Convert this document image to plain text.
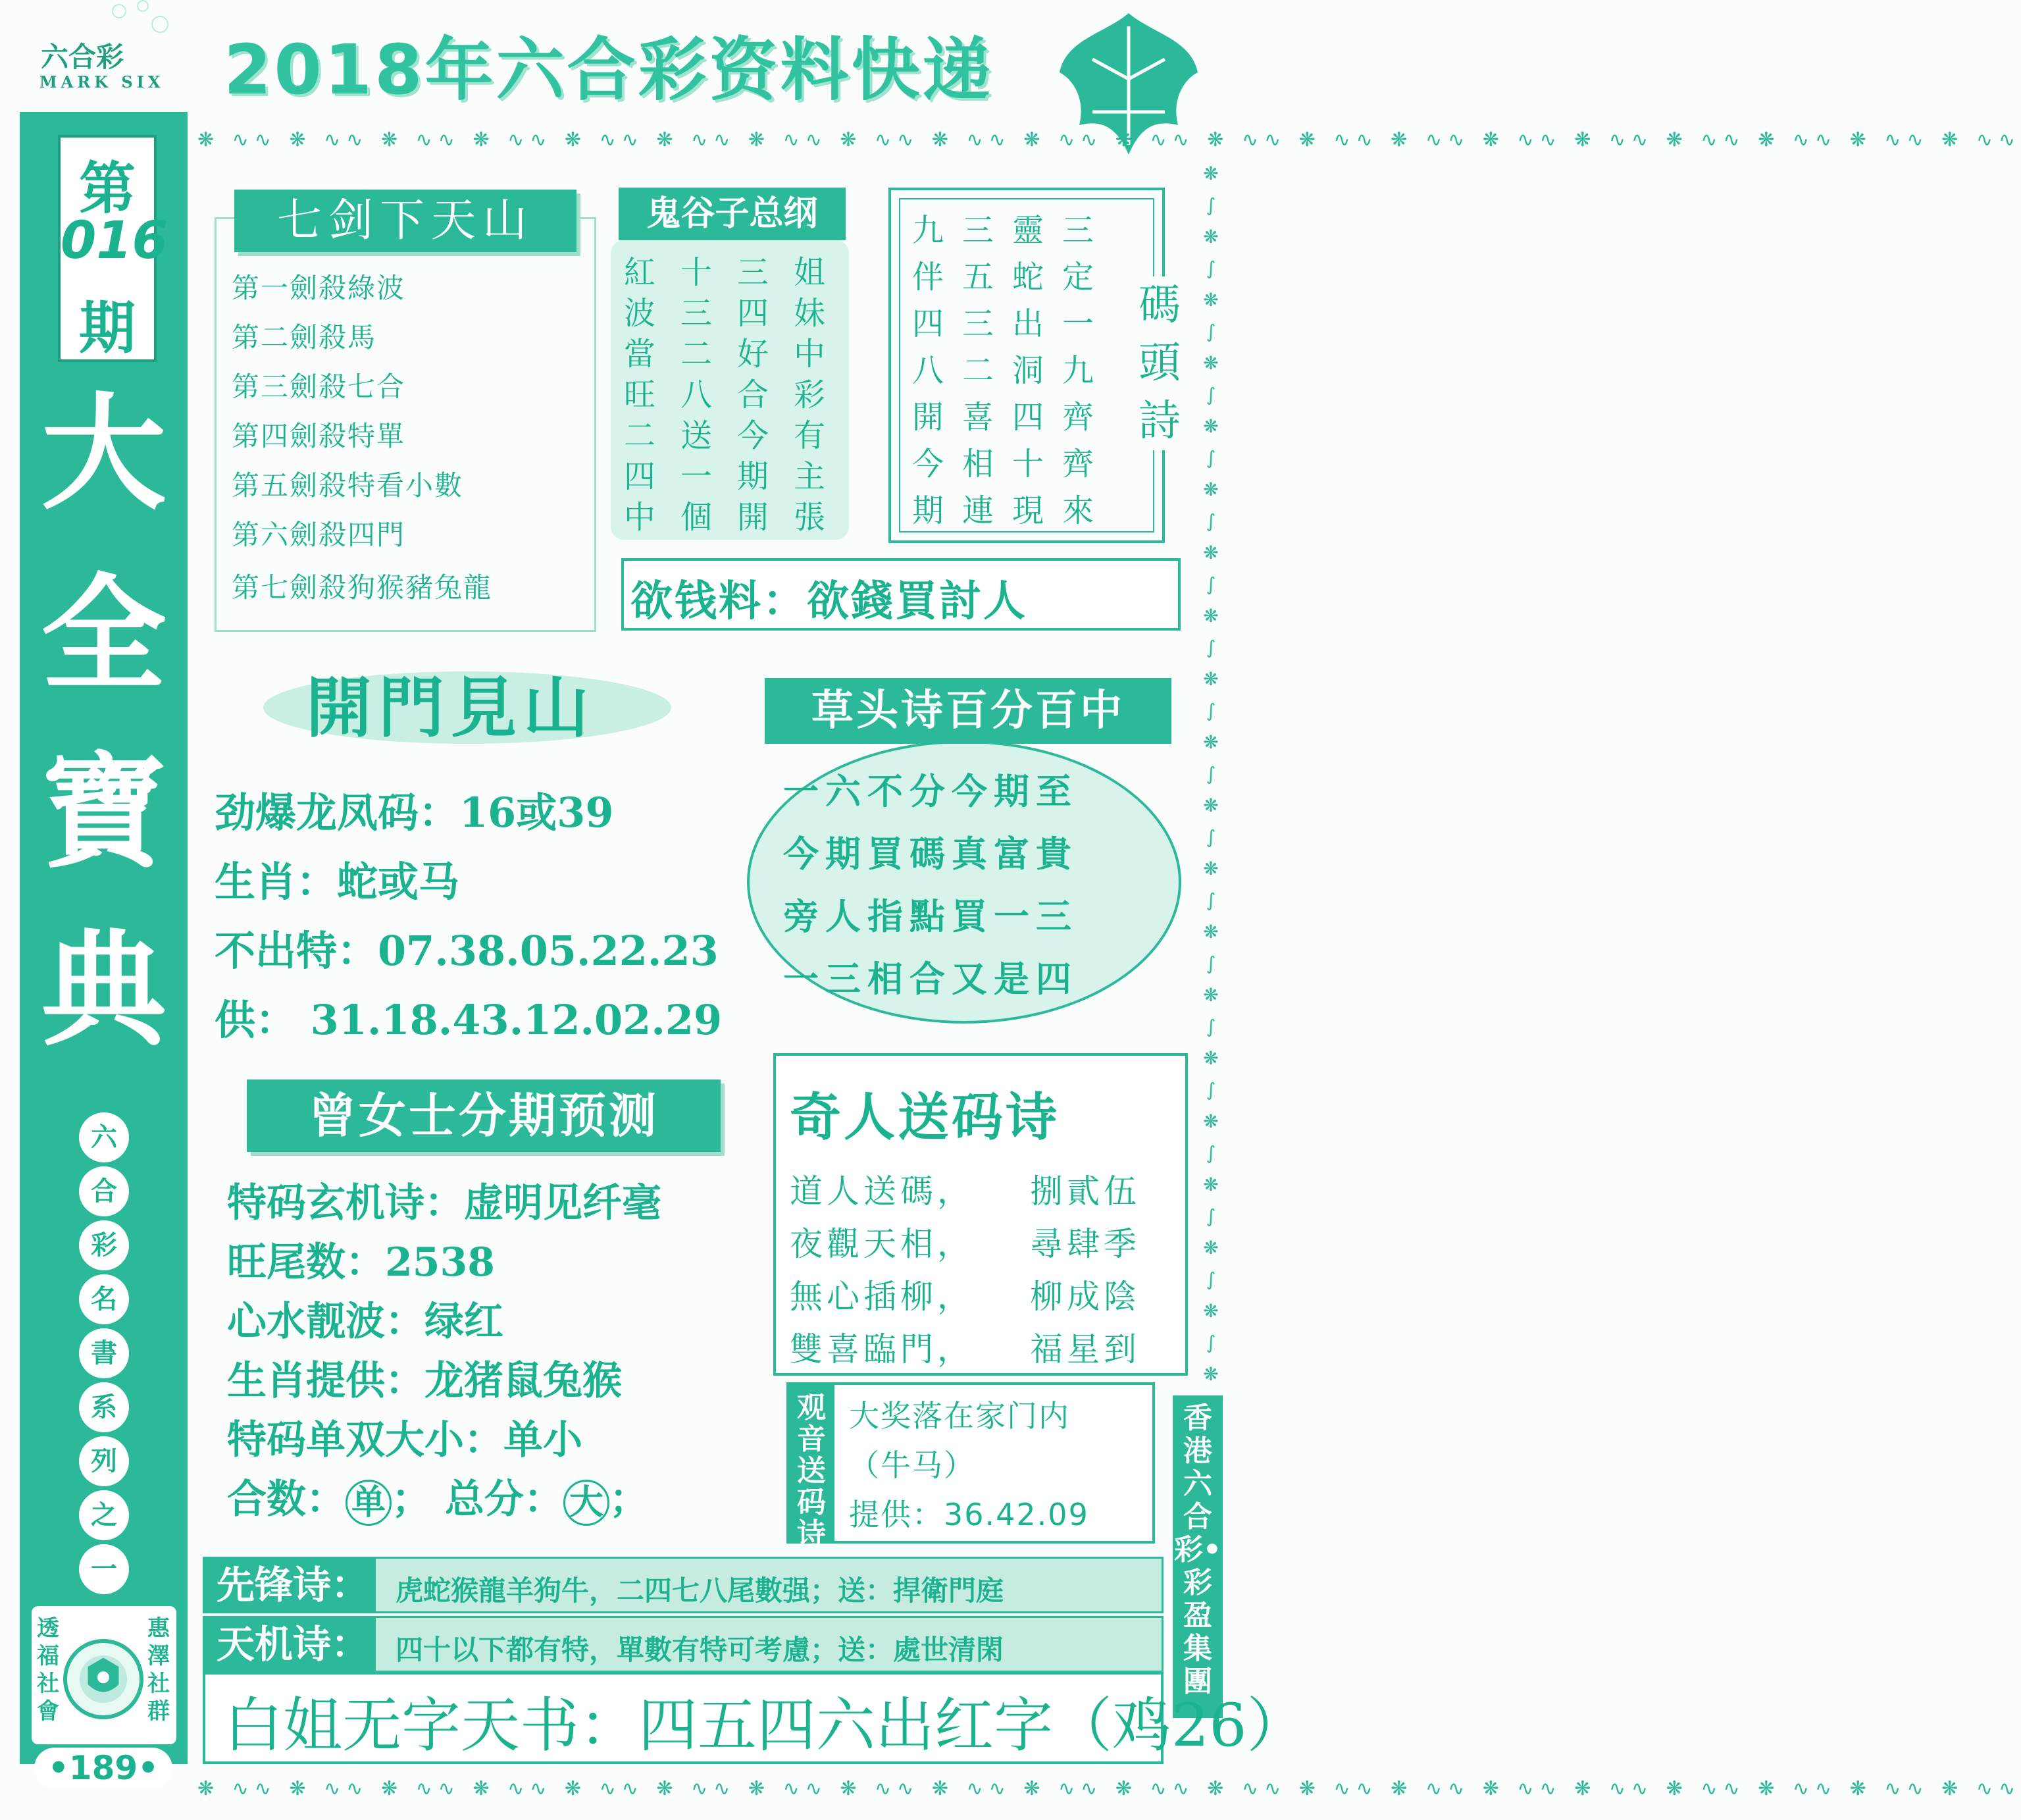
六合彩
MARK SIX 2018年六合彩资料快递
❋ ∿∿ ❋ ∿∿ ❋ ∿∿ ❋ ∿∿ ❋ ∿∿ ❋ ∿∿ ❋ ∿∿ ❋ ∿∿ ❋ ∿∿ ❋ ∿∿ ❋ ∿∿ ❋ ∿∿ ❋ ∿∿ ❋ ∿∿ ❋ ∿∿ ❋ ∿∿ ❋ ∿∿ ❋ ∿∿ ❋ ∿∿ ❋ ∿∿
❋ ∿∿ ❋ ∿∿ ❋ ∿∿ ❋ ∿∿ ❋ ∿∿ ❋ ∿∿ ❋ ∿∿ ❋ ∿∿ ❋ ∿∿ ❋ ∿∿ ❋ ∿∿ ❋ ∿∿ ❋ ∿∿ ❋ ∿∿ ❋ ∿∿ ❋ ∿∿ ❋ ∿∿ ❋ ∿∿ ❋ ∿∿ ❋ ∿∿
❋
∫
❋
∫
❋
∫
❋
∫
❋
∫
❋
∫
❋
∫
❋
∫
❋
∫
❋
∫
❋
∫
❋
∫
❋
∫
❋
∫
❋
∫
❋
∫
❋
∫
❋
∫
❋
∫
❋
第
016
期
大
全
寶
典
六
合
彩
名
書
系
列
之
一
透
福
社
會
惠
澤
社
群
•189•
七剑下天山
第一劍殺綠波
第二劍殺馬
第三劍殺七合
第四劍殺特單
第五劍殺特看小數
第六劍殺四門
第七劍殺狗猴豬兔龍
紅波當旺二四中
十三二八送一個
三四好合今期開
姐妹中彩有主張
鬼谷子总纲	九伴四八開今期
三五三二喜相連
靈蛇出洞四十現
三定一九齊齊來
碼頭詩
欲钱料：欲錢買討人
開門見山
劲爆龙凤码：16或39
生肖：蛇或马
不出特：07.38.05.22.23
供： 31.18.43.12.02.29
草头诗百分百中
一六不分今期至
今期買碼真富貴
旁人指點買一三
一三相合又是四
曾女士分期预测
特码玄机诗：虚明见纤毫
旺尾数：2538
心水靓波：绿红
生肖提供：龙猪鼠兔猴
特码单双大小：单小
合数： 单 ； 总分： 大 ；
奇人送码诗
道人送碼，
夜觀天相，
無心插柳，
雙喜臨門，
捌貳伍
尋肆季
柳成陰
福星到
观音送码诗
大奖落在家门内
（牛马）
提供：36.42.09
香港六合彩•彩盈集團
先锋诗： 虎蛇猴龍羊狗牛，二四七八尾數强；送：捍衛門庭
天机诗： 四十以下都有特，單數有特可考慮；送：處世清閑
白姐无字天书：四五四六出红字（鸡26）
